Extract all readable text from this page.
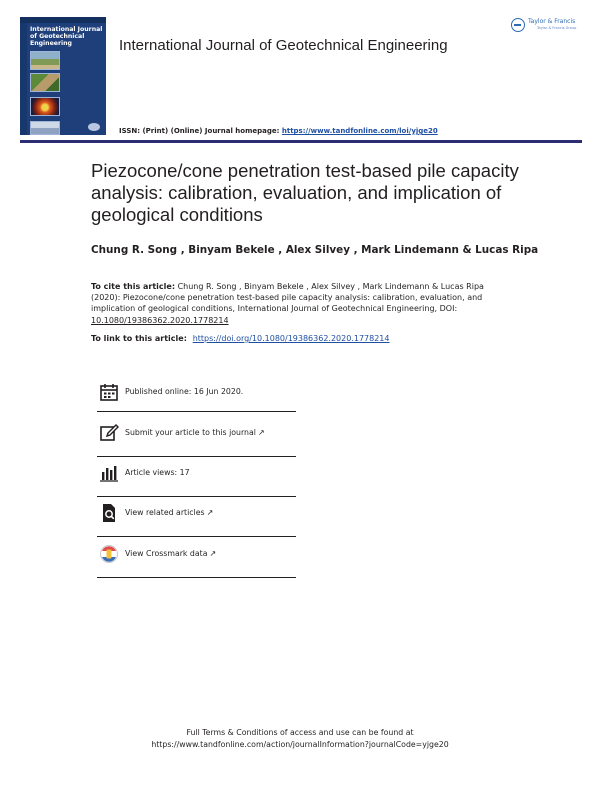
International Journal of Geotechnical Engineering	International Journal of Geotechnical Engineering
ISSN: (Print) (Online) Journal homepage: https://www.tandfonline.com/loi/yjge20
Taylor & Francis
Taylor & Francis Group
Piezocone/cone penetration test-based pile capacity analysis: calibration, evaluation, and implication of geological conditions
Chung R. Song , Binyam Bekele , Alex Silvey , Mark Lindemann & Lucas Ripa
To cite this article: Chung R. Song , Binyam Bekele , Alex Silvey , Mark Lindemann & Lucas Ripa (2020): Piezocone/cone penetration test-based pile capacity analysis: calibration, evaluation, and implication of geological conditions, International Journal of Geotechnical Engineering, DOI: 10.1080/19386362.2020.1778214
To link to this article: https://doi.org/10.1080/19386362.2020.1778214
Published online: 16 Jun 2020.
Submit your article to this journal ↗
Article views: 17
View related articles ↗
View Crossmark data ↗
Full Terms & Conditions of access and use can be found at
https://www.tandfonline.com/action/journalInformation?journalCode=yjge20
